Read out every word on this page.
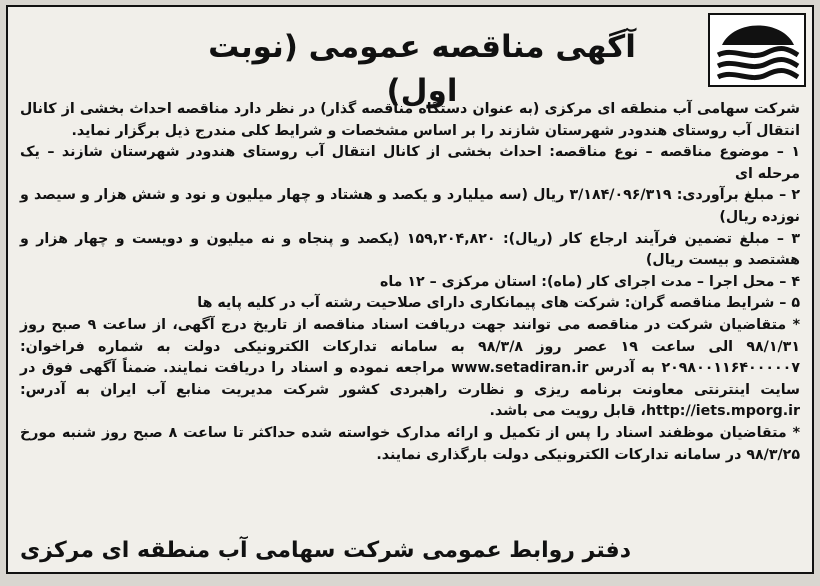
آگهی مناقصه عمومی (نوبت اول)

شرکت سهامی آب منطقه ای مرکزی (به عنوان دستگاه مناقصه گذار) در نظر دارد مناقصه احداث بخشی از کانال انتقال آب روستای هندودر شهرستان شازند را بر اساس مشخصات و شرایط کلی مندرج ذیل برگزار نماید.

۱ – موضوع مناقصه – نوع مناقصه: احداث بخشی از کانال انتقال آب روستای هندودر شهرستان شازند – یک مرحله ای

۲ – مبلغ برآوردی: ۳/۱۸۴/۰۹۶/۳۱۹ ریال (سه میلیارد و یکصد و هشتاد و چهار میلیون و نود و شش هزار و سیصد و نوزده ریال)

۳ – مبلغ تضمین فرآیند ارجاع کار (ریال): ۱۵۹,۲۰۴,۸۲۰ (یکصد و پنجاه و نه میلیون و دویست و چهار هزار و هشتصد و بیست ریال)

۴ – محل اجرا – مدت اجرای کار (ماه): استان مرکزی – ۱۲ ماه

۵ – شرایط مناقصه گران: شرکت های پیمانکاری دارای صلاحیت رشته آب در کلیه پایه ها

* متقاضیان شرکت در مناقصه می توانند جهت دریافت اسناد مناقصه از تاریخ درج آگهی، از ساعت ۹ صبح روز ۹۸/۱/۳۱ الی ساعت ۱۹ عصر روز ۹۸/۳/۸ به سامانه تدارکات الکترونیکی دولت به شماره فراخوان: ۲۰۹۸۰۰۱۱۶۴۰۰۰۰۰۷ به آدرس www.setadiran.ir مراجعه نموده و اسناد را دریافت نمایند. ضمناً آگهی فوق در سایت اینترنتی معاونت برنامه ریزی و نظارت راهبردی کشور شرکت مدیریت منابع آب ایران به آدرس: http://iets.mporg.ir، قابل رویت می باشد.

* متقاضیان موظفند اسناد را پس از تکمیل و ارائه مدارک خواسته شده حداکثر تا ساعت ۸ صبح روز شنبه مورخ ۹۸/۳/۲۵ در سامانه تدارکات الکترونیکی دولت بارگذاری نمایند.

دفتر روابط عمومی شرکت سهامی آب منطقه ای مرکزی
